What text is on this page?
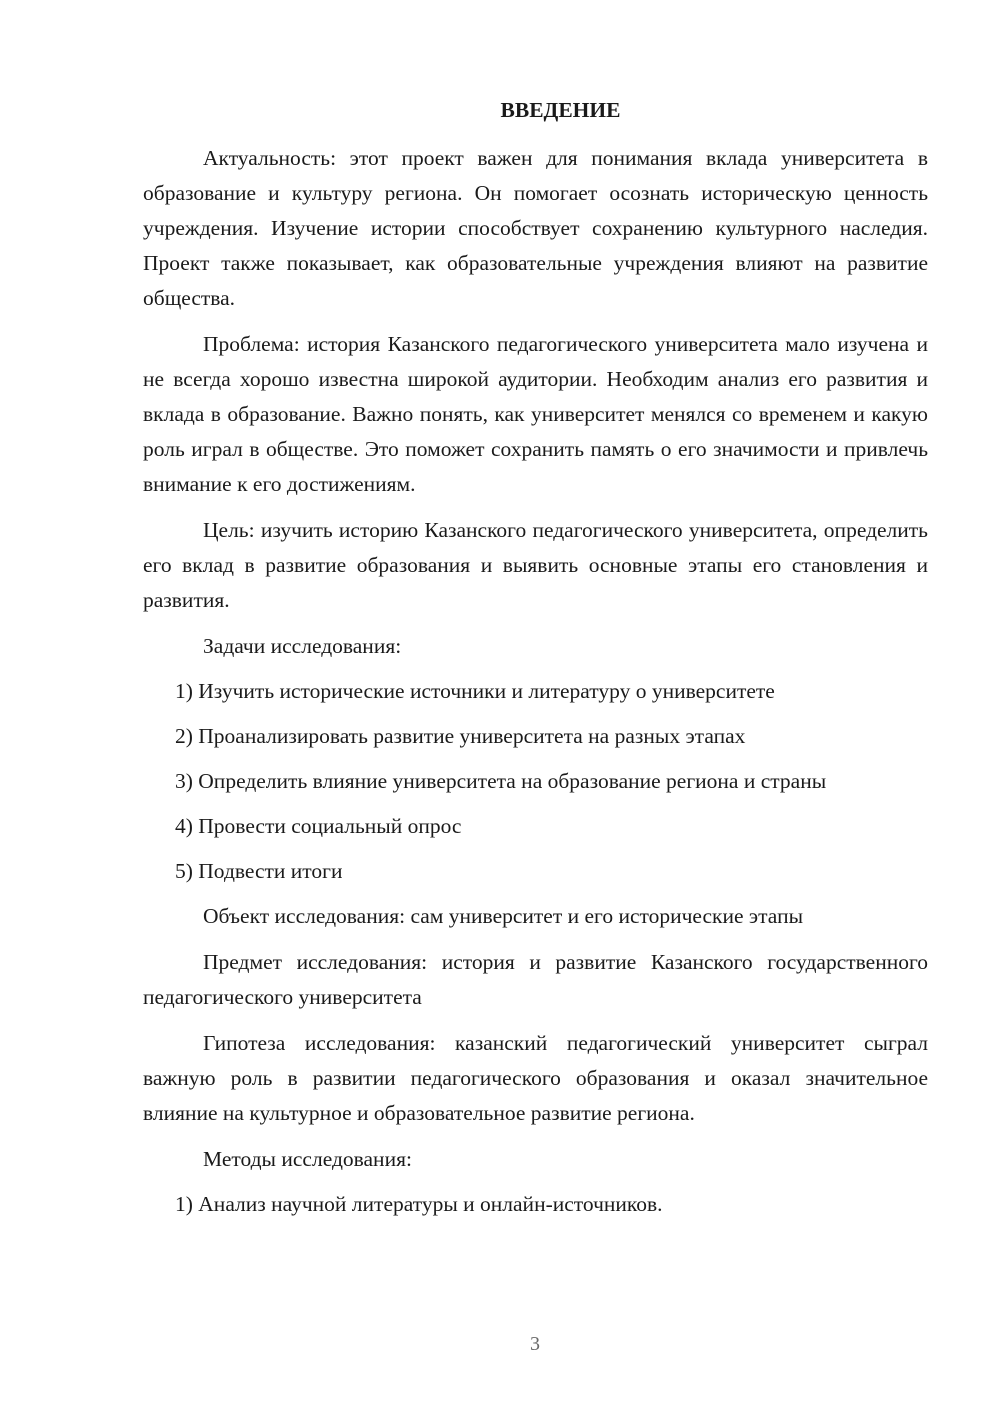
ВВЕДЕНИЕ

Актуальность: этот проект важен для понимания вклада университета в образование и культуру региона. Он помогает осознать историческую ценность учреждения. Изучение истории способствует сохранению культурного наследия. Проект также показывает, как образовательные учреждения влияют на развитие общества.

Проблема: история Казанского педагогического университета мало изучена и не всегда хорошо известна широкой аудитории. Необходим анализ его развития и вклада в образование. Важно понять, как университет менялся со временем и какую роль играл в обществе. Это поможет сохранить память о его значимости и привлечь внимание к его достижениям.

Цель: изучить историю Казанского педагогического университета, определить его вклад в развитие образования и выявить основные этапы его становления и развития.

Задачи исследования:

1) Изучить исторические источники и литературу о университете
2) Проанализировать развитие университета на разных этапах
3) Определить влияние университета на образование региона и страны
4) Провести социальный опрос
5) Подвести итоги

Объект исследования: сам университет и его исторические этапы

Предмет исследования: история и развитие Казанского государственного педагогического университета

Гипотеза исследования: казанский педагогический университет сыграл важную роль в развитии педагогического образования и оказал значительное влияние на культурное и образовательное развитие региона.

Методы исследования:

1) Анализ научной литературы и онлайн-источников.
3
